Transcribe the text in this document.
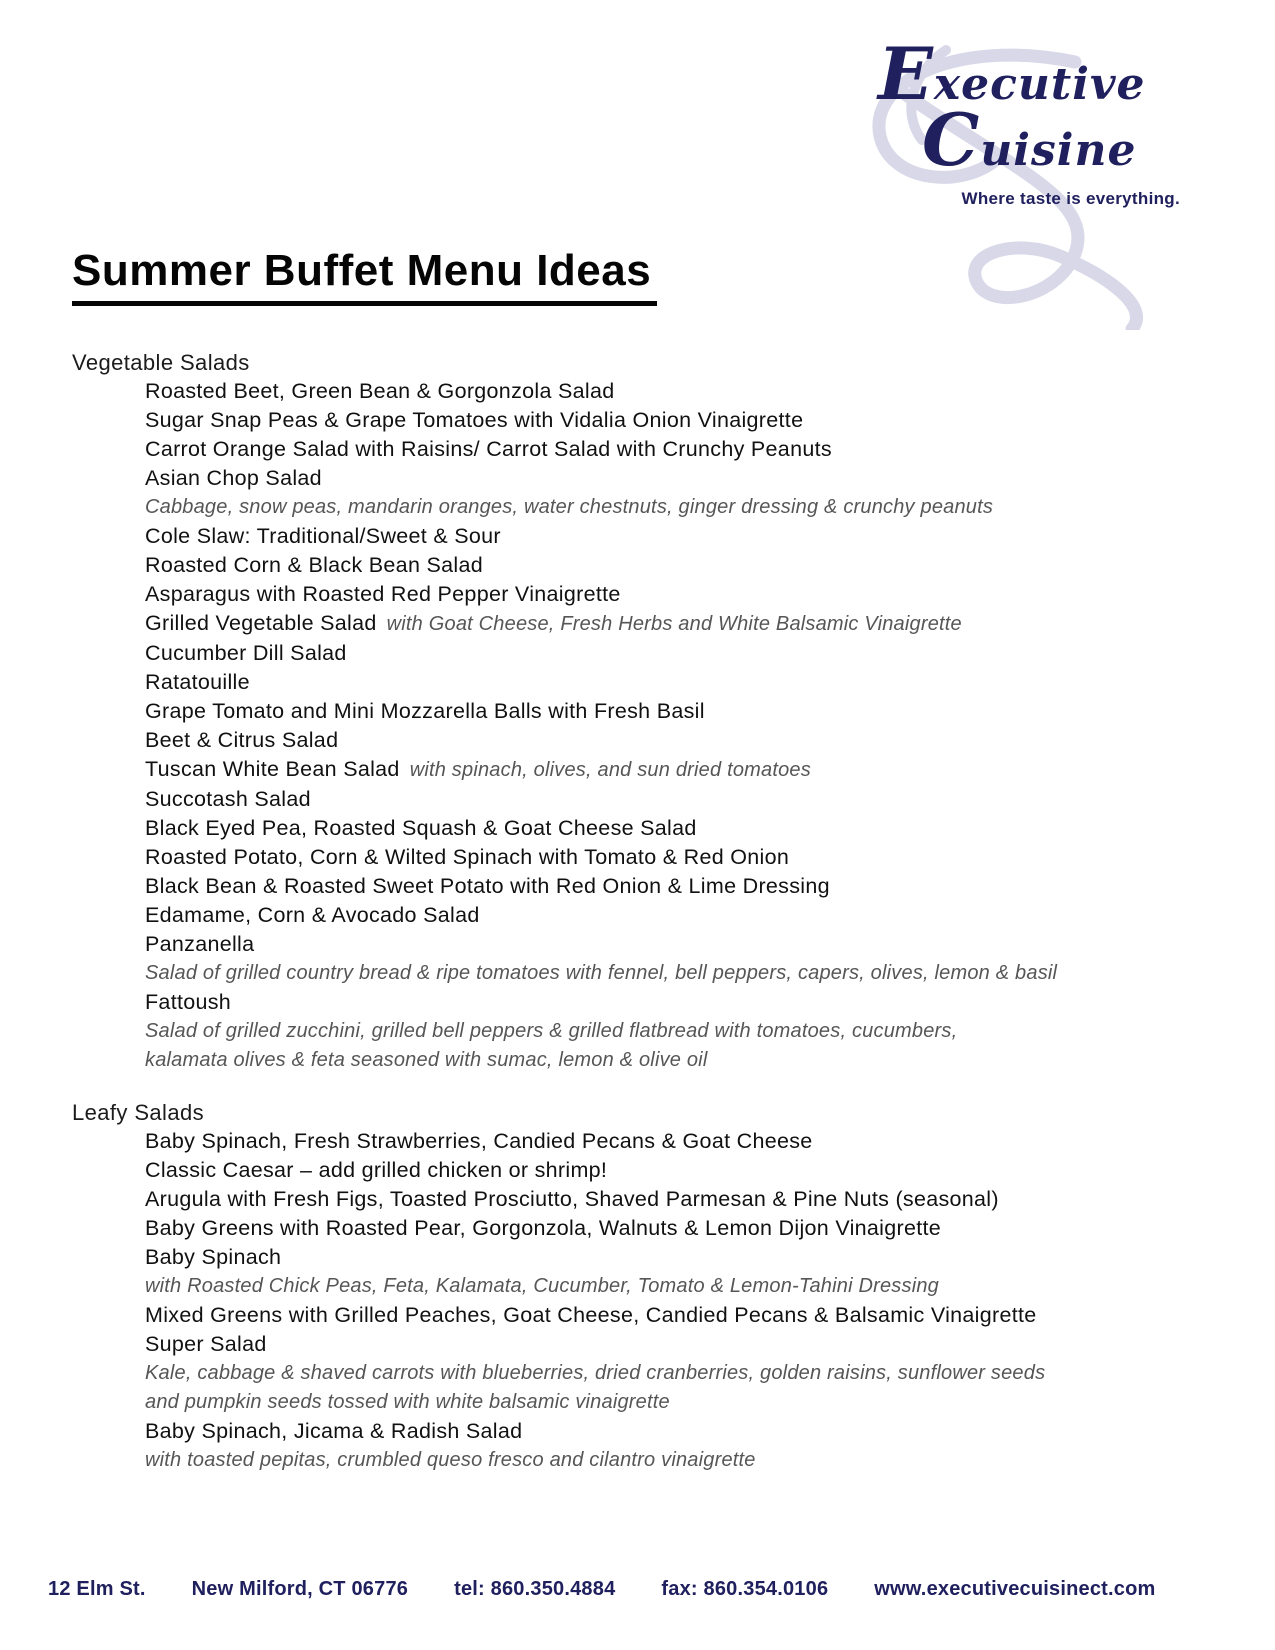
Executive
Cuisine
Where taste is everything.
Summer Buffet Menu Ideas
Vegetable Salads
Roasted Beet, Green Bean & Gorgonzola Salad
Sugar Snap Peas & Grape Tomatoes with Vidalia Onion Vinaigrette
Carrot Orange Salad with Raisins/ Carrot Salad with Crunchy Peanuts
Asian Chop Salad
Cabbage, snow peas, mandarin oranges, water chestnuts, ginger dressing & crunchy peanuts
Cole Slaw: Traditional/Sweet & Sour
Roasted Corn & Black Bean Salad
Asparagus with Roasted Red Pepper Vinaigrette
Grilled Vegetable Salad with Goat Cheese, Fresh Herbs and White Balsamic Vinaigrette
Cucumber Dill Salad
Ratatouille
Grape Tomato and Mini Mozzarella Balls with Fresh Basil
Beet & Citrus Salad
Tuscan White Bean Salad with spinach, olives, and sun dried tomatoes
Succotash Salad
Black Eyed Pea, Roasted Squash & Goat Cheese Salad
Roasted Potato, Corn & Wilted Spinach with Tomato & Red Onion
Black Bean & Roasted Sweet Potato with Red Onion & Lime Dressing
Edamame, Corn & Avocado Salad
Panzanella
Salad of grilled country bread & ripe tomatoes with fennel, bell peppers, capers, olives, lemon & basil
Fattoush
Salad of grilled zucchini, grilled bell peppers & grilled flatbread with tomatoes, cucumbers,
kalamata olives & feta seasoned with sumac, lemon & olive oil
Leafy Salads
Baby Spinach, Fresh Strawberries, Candied Pecans & Goat Cheese
Classic Caesar – add grilled chicken or shrimp!
Arugula with Fresh Figs, Toasted Prosciutto, Shaved Parmesan & Pine Nuts (seasonal)
Baby Greens with Roasted Pear, Gorgonzola, Walnuts & Lemon Dijon Vinaigrette
Baby Spinach
with Roasted Chick Peas, Feta, Kalamata, Cucumber, Tomato & Lemon-Tahini Dressing
Mixed Greens with Grilled Peaches, Goat Cheese, Candied Pecans & Balsamic Vinaigrette
Super Salad
Kale, cabbage & shaved carrots with blueberries, dried cranberries, golden raisins, sunflower seeds
and pumpkin seeds tossed with white balsamic vinaigrette
Baby Spinach, Jicama & Radish Salad
with toasted pepitas, crumbled queso fresco and cilantro vinaigrette
12 Elm St. New Milford, CT 06776 tel: 860.350.4884 fax: 860.354.0106 www.executivecuisinect.com
